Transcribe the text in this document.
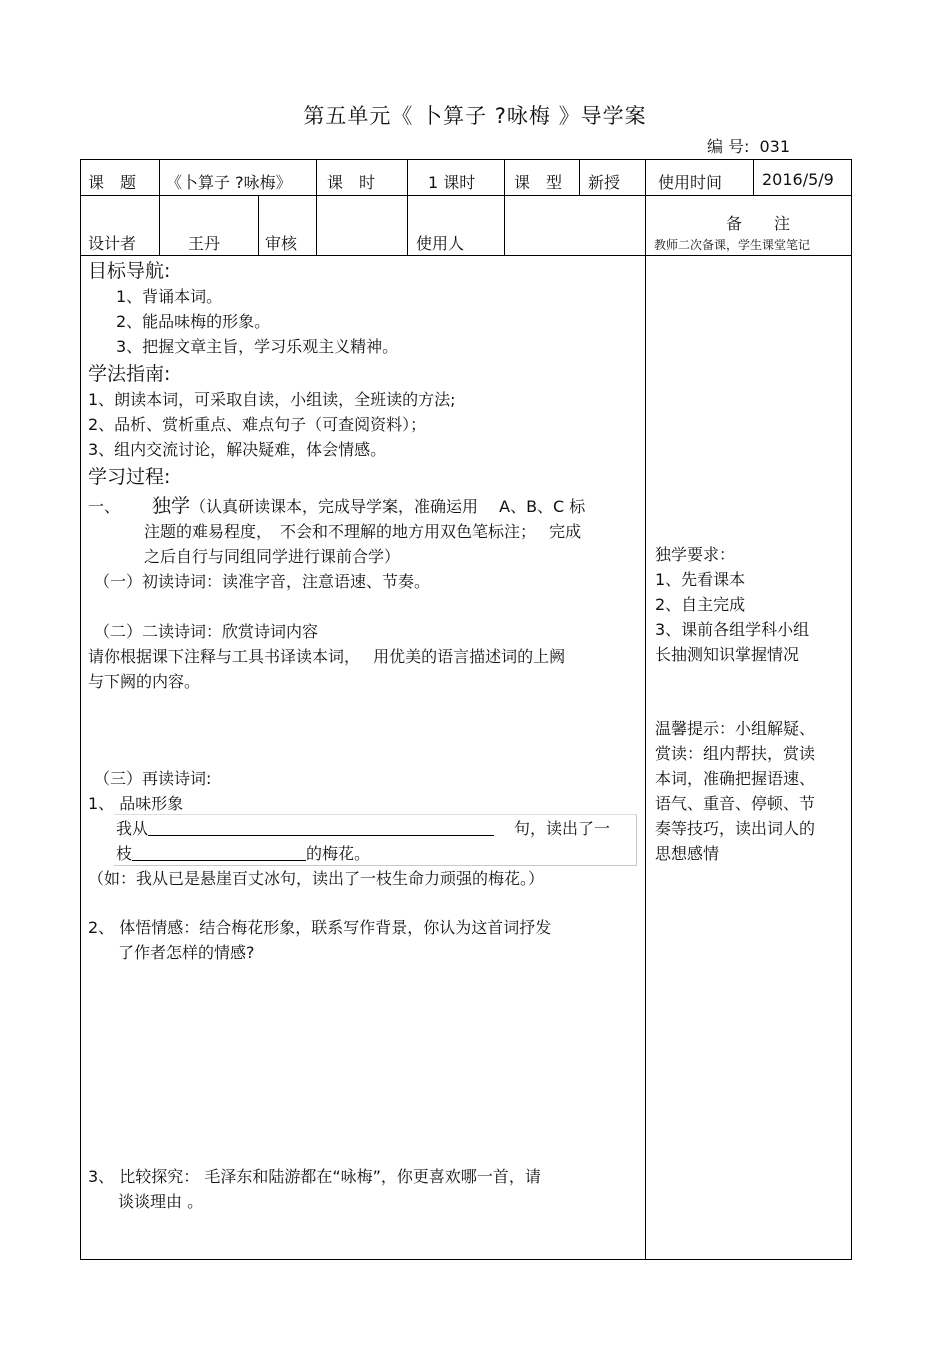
第五单元《 卜算子 ?咏梅 》导学案
编 号: 031
课　题 《卜算子 ?咏梅》 课　时	1 课时 课　型 新授 使用时间 2016/5/9
设计者	王丹	审核	使用人
备　　注
教师二次备课，学生课堂笔记

目标导航:

1、背诵本词。

2、能品味梅的形象。

3、把握文章主旨，学习乐观主义精神。

学法指南:

1、朗读本词，可采取自读，小组读，全班读的方法;

2、品析、赏析重点、难点句子（可查阅资料）；

3、组内交流讨论，解决疑难，体会情感。

学习过程:

一、 独学（认真研读课本，完成导学案，准确运用　 A、B、C 标

注题的难易程度，　不会和不理解的地方用双色笔标注；　 完成

之后自行与同组同学进行课前合学）

（一）初读诗词：读准字音，注意语速、节奏。

（二）二读诗词：欣赏诗词内容

请你根据课下注释与工具书译读本词，　 用优美的语言描述词的上阙

与下阙的内容。

（三）再读诗词:

1、 品味形象

我从	句，读出了一

枝	的梅花。

（如：我从已是悬崖百丈冰句，读出了一枝生命力顽强的梅花。）

2、 体悟情感：结合梅花形象，联系写作背景，你认为这首词抒发

了作者怎样的情感?

3、 比较探究： 毛泽东和陆游都在“咏梅”，你更喜欢哪一首，请

谈谈理由 。

独学要求：

1、先看课本

2、自主完成

3、课前各组学科小组

长抽测知识掌握情况

温馨提示：小组解疑、

赏读：组内帮扶，赏读

本词，准确把握语速、

语气、重音、停顿、节

奏等技巧，读出词人的

思想感情
